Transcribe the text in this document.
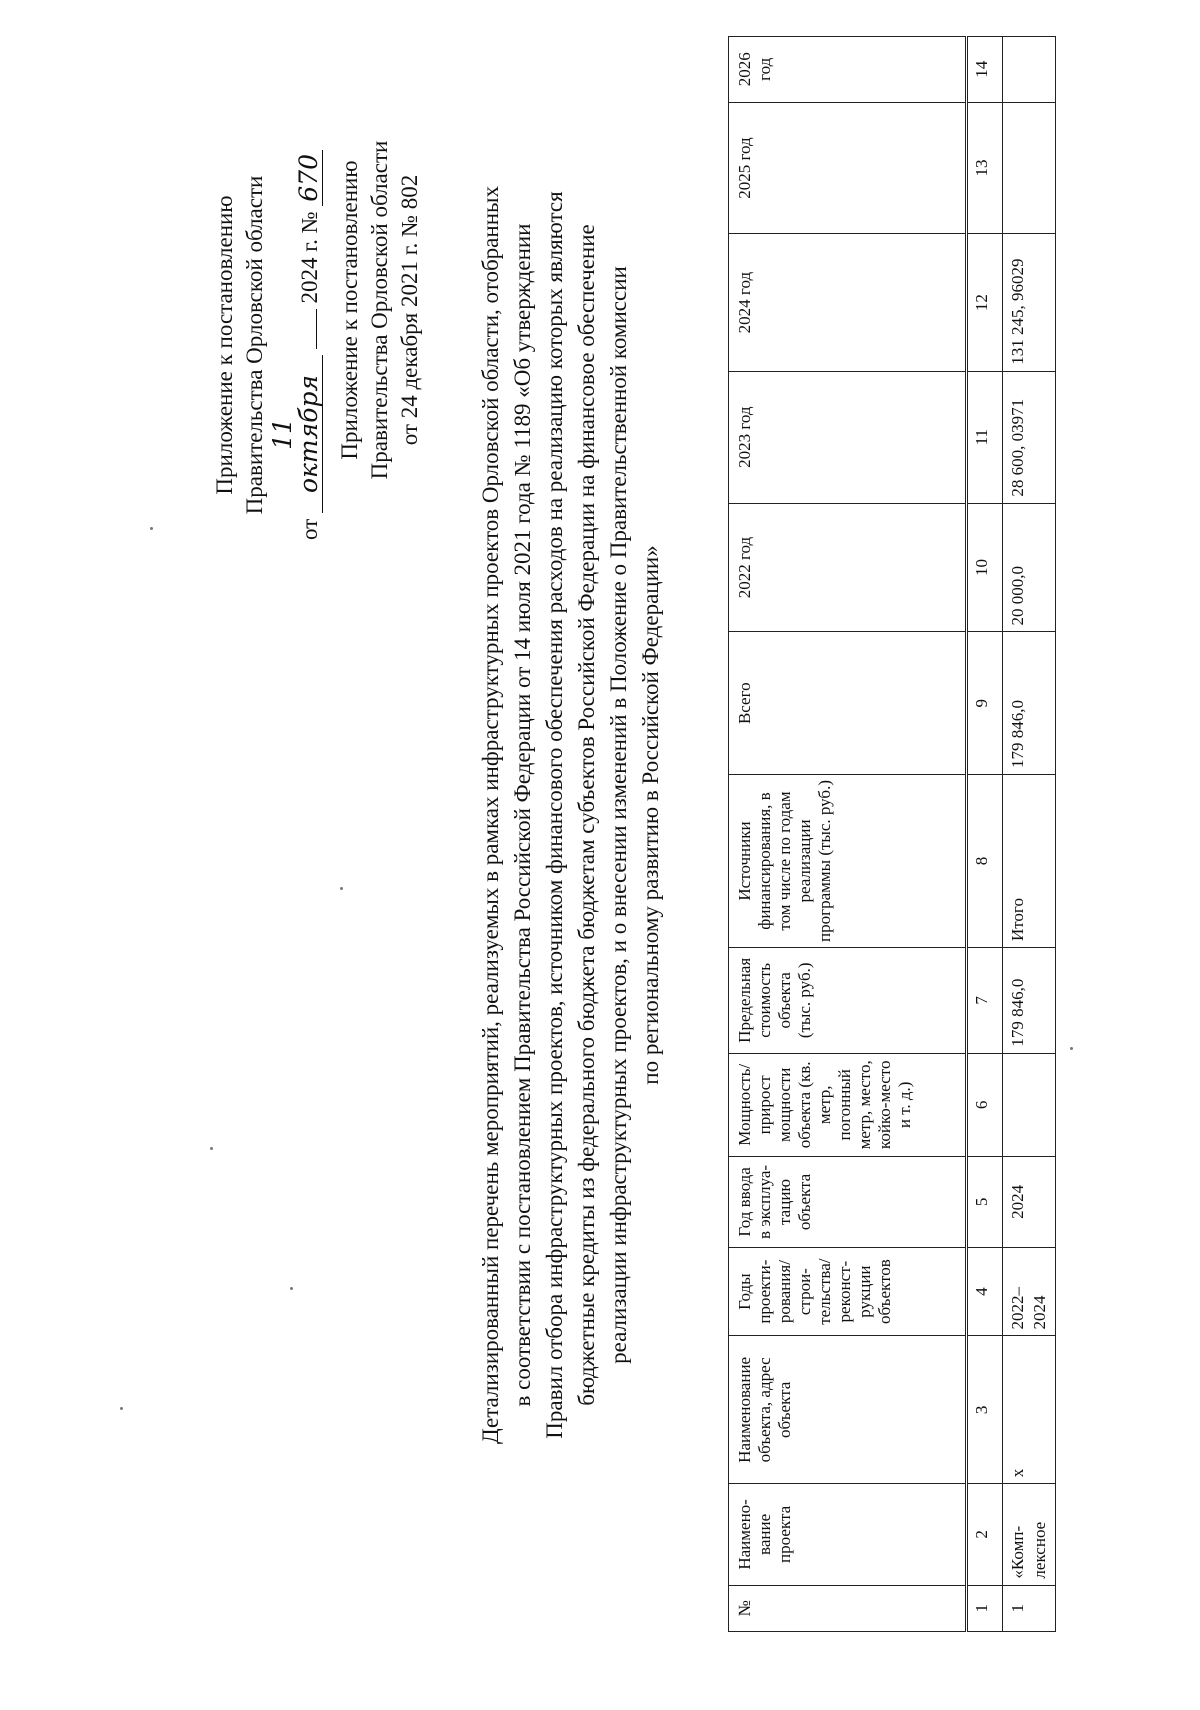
Приложение к постановлению Правительства Орловской области
от 11 октября  2024 г. № 670 Приложение к постановлению Правительства Орловской области от 24 декабря 2021 г. № 802 Детализированный перечень мероприятий, реализуемых в рамках инфраструктурных проектов Орловской области, отобранных в соответствии с постановлением Правительства Российской Федерации от 14 июля 2021 года № 1189 «Об утверждении Правил отбора инфраструктурных проектов, источником финансового обеспечения расходов на реализацию которых являются бюджетные кредиты из федерального бюджета бюджетам субъектов Российской Федерации на финансовое обеспечение реализации инфраструктурных проектов, и о внесении изменений в Положение о Правительственной комиссии по региональному развитию в Российской Федерации»
№	Наимено-вание проекта	Наименование объекта, адрес объекта	Годы проекти-рования/ строи-тельства/ реконст-рукции объектов	Год ввода в эксплуа-тацию объекта	Мощность/ прирост мощности объекта (кв. метр, погонный метр, место, койко-место и т. д.)	Предельная стоимость объекта (тыс. руб.)	Источники финансирования, в том числе по годам реализации программы (тыс. руб.)	Всего	2022 год	2023 год	2024 год	2025 год	2026 год
1	2	3	4	5	6	7	8	9	10	11	12	13	14
1	«Комп-лексное	х	2022–2024	2024		179 846,0	Итого	179 846,0	20 000,0	28 600, 03971	131 245, 96029		
